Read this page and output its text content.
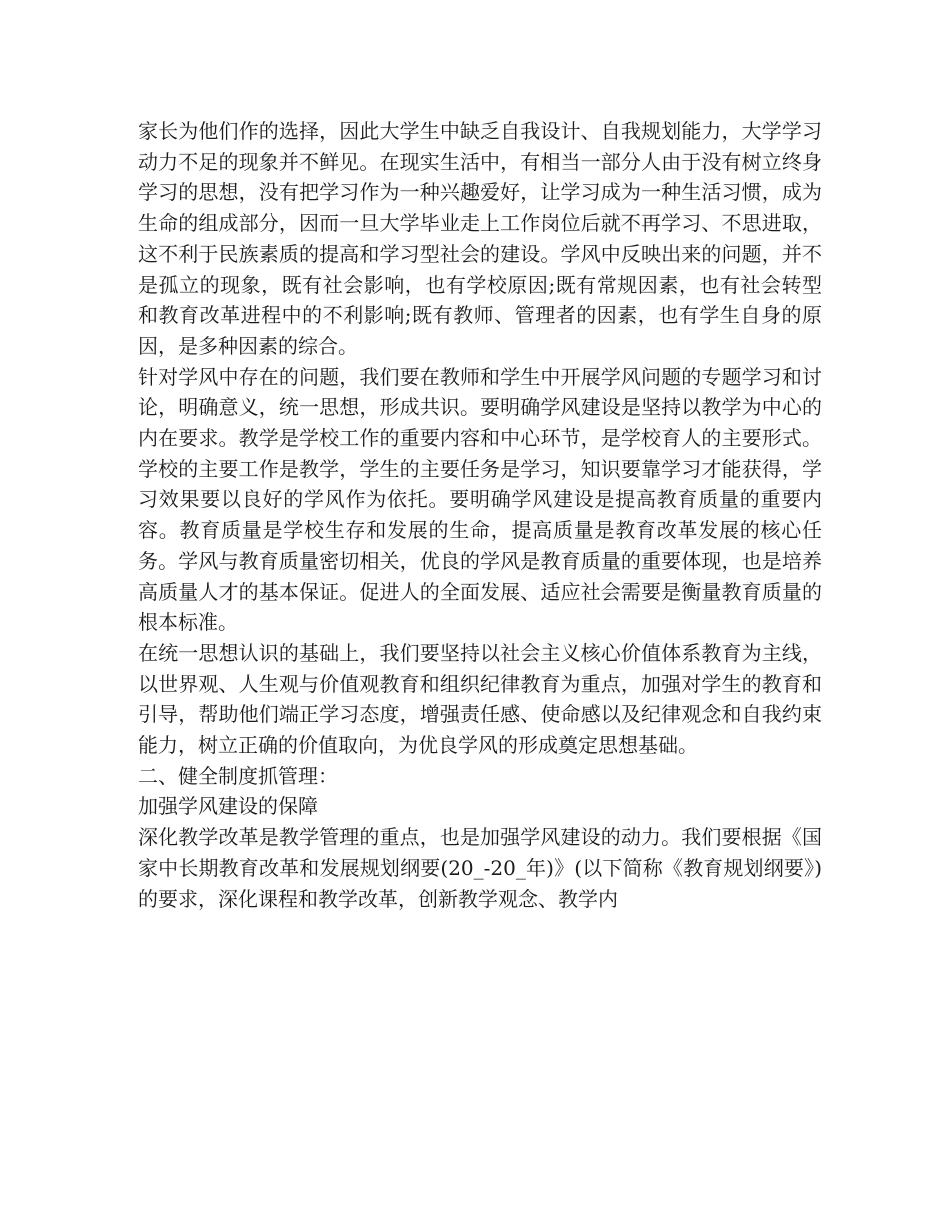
家长为他们作的选择，因此大学生中缺乏自我设计、自我规划能力，大学学习动力不足的现象并不鲜见。在现实生活中，有相当一部分人由于没有树立终身学习的思想，没有把学习作为一种兴趣爱好，让学习成为一种生活习惯，成为生命的组成部分，因而一旦大学毕业走上工作岗位后就不再学习、不思进取，这不利于民族素质的提高和学习型社会的建设。学风中反映出来的问题，并不是孤立的现象，既有社会影响，也有学校原因;既有常规因素，也有社会转型和教育改革进程中的不利影响;既有教师、管理者的因素，也有学生自身的原因，是多种因素的综合。

针对学风中存在的问题，我们要在教师和学生中开展学风问题的专题学习和讨论，明确意义，统一思想，形成共识。要明确学风建设是坚持以教学为中心的内在要求。教学是学校工作的重要内容和中心环节，是学校育人的主要形式。学校的主要工作是教学，学生的主要任务是学习，知识要靠学习才能获得，学习效果要以良好的学风作为依托。要明确学风建设是提高教育质量的重要内容。教育质量是学校生存和发展的生命，提高质量是教育改革发展的核心任务。学风与教育质量密切相关，优良的学风是教育质量的重要体现，也是培养高质量人才的基本保证。促进人的全面发展、适应社会需要是衡量教育质量的根本标准。

在统一思想认识的基础上，我们要坚持以社会主义核心价值体系教育为主线，以世界观、人生观与价值观教育和组织纪律教育为重点，加强对学生的教育和引导，帮助他们端正学习态度，增强责任感、使命感以及纪律观念和自我约束能力，树立正确的价值取向，为优良学风的形成奠定思想基础。

二、健全制度抓管理：

加强学风建设的保障

深化教学改革是教学管理的重点，也是加强学风建设的动力。我们要根据《国家中长期教育改革和发展规划纲要(20_-20_年)》(以下简称《教育规划纲要》)的要求，深化课程和教学改革，创新教学观念、教学内
